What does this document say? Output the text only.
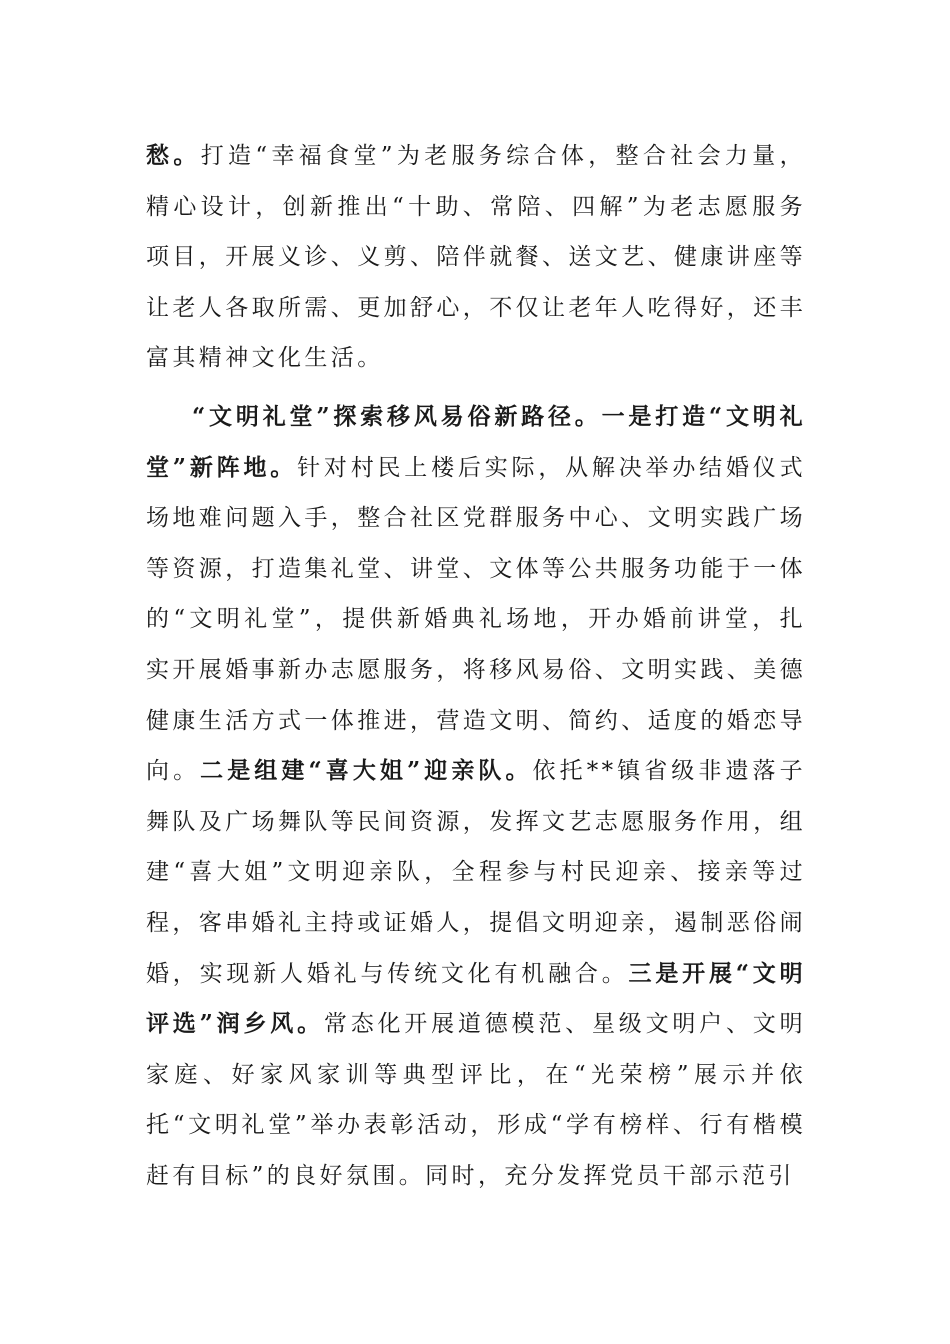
愁。打造“幸福食堂”为老服务综合体，整合社会力量，精心设计，创新推出“十助、常陪、四解”为老志愿服务项目，开展义诊、义剪、陪伴就餐、送文艺、健康讲座等让老人各取所需、更加舒心，不仅让老年人吃得好，还丰富其精神文化生活。

“文明礼堂”探索移风易俗新路径。一是打造“文明礼堂”新阵地。针对村民上楼后实际，从解决举办结婚仪式场地难问题入手，整合社区党群服务中心、文明实践广场等资源，打造集礼堂、讲堂、文体等公共服务功能于一体的“文明礼堂”，提供新婚典礼场地，开办婚前讲堂，扎实开展婚事新办志愿服务，将移风易俗、文明实践、美德健康生活方式一体推进，营造文明、简约、适度的婚恋导向。二是组建“喜大姐”迎亲队。依托**镇省级非遗落子舞队及广场舞队等民间资源，发挥文艺志愿服务作用，组建“喜大姐”文明迎亲队，全程参与村民迎亲、接亲等过程，客串婚礼主持或证婚人，提倡文明迎亲，遏制恶俗闹婚，实现新人婚礼与传统文化有机融合。三是开展“文明评选”润乡风。常态化开展道德模范、星级文明户、文明家庭、好家风家训等典型评比，在“光荣榜”展示并依托“文明礼堂”举办表彰活动，形成“学有榜样、行有楷模赶有目标”的良好氛围。同时，充分发挥党员干部示范引
